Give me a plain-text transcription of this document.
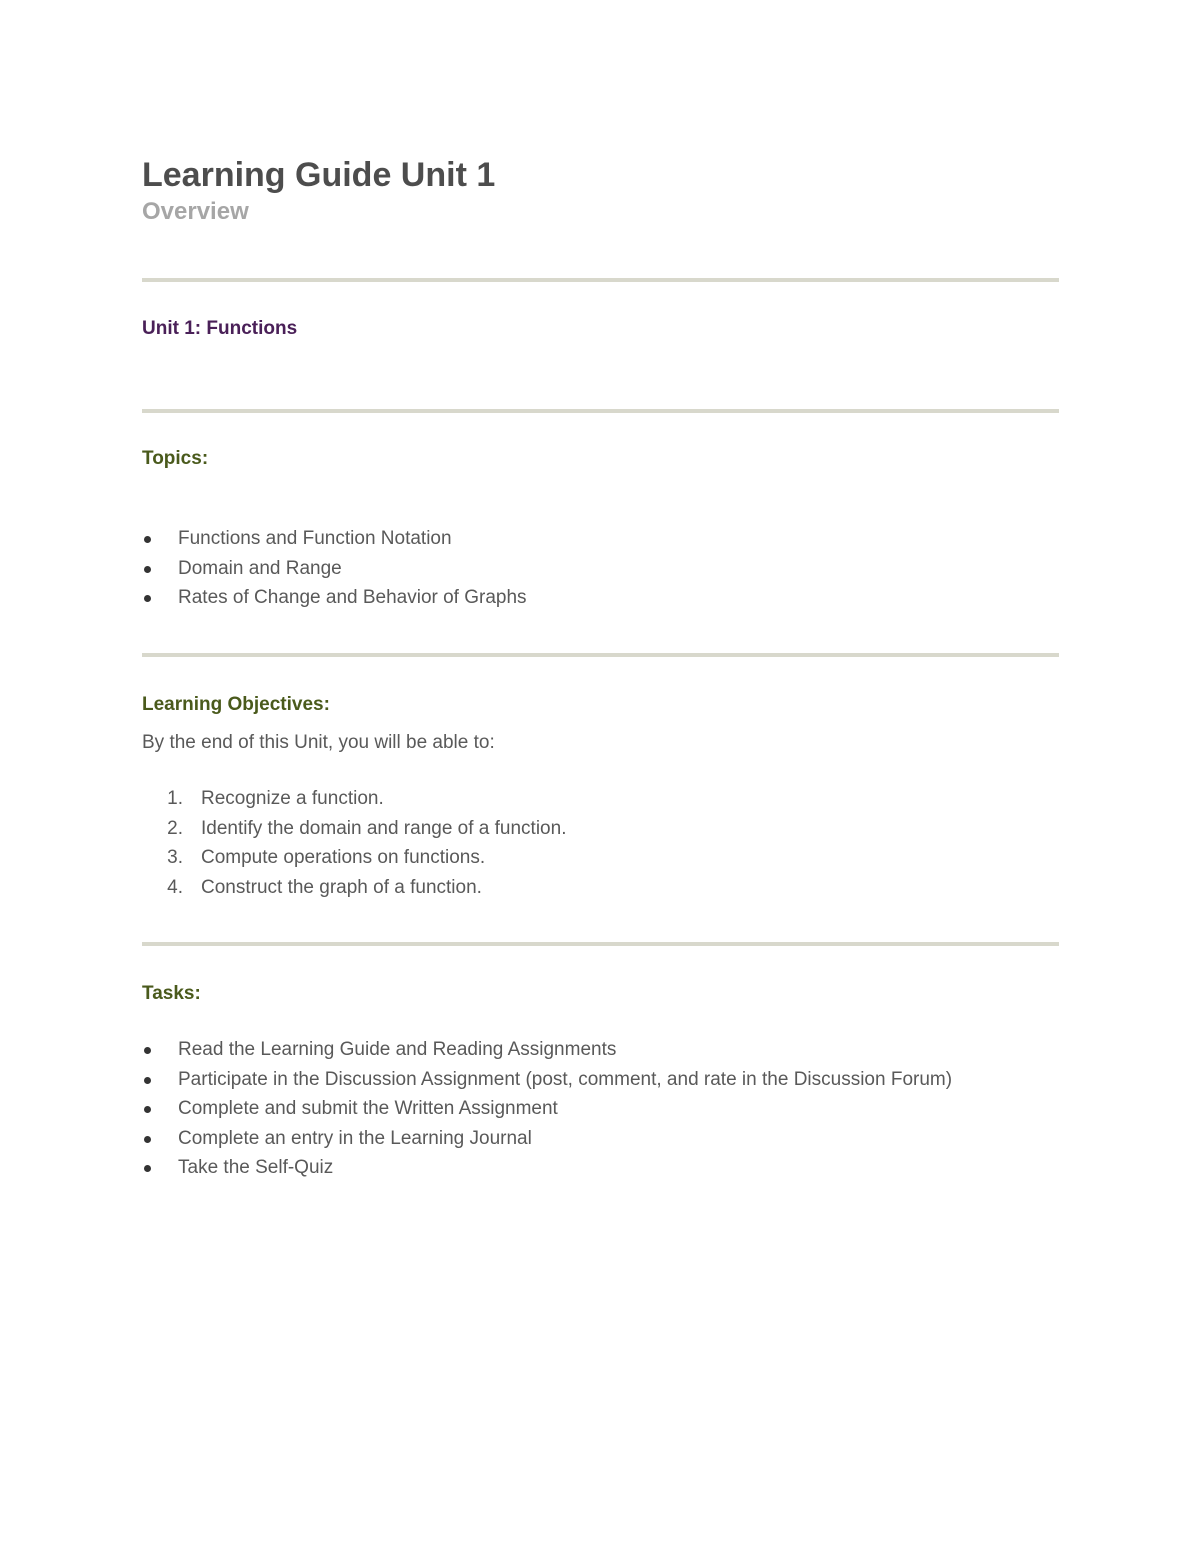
Learning Guide Unit 1
Overview
Unit 1: Functions
Topics:
Functions and Function Notation
Domain and Range
Rates of Change and Behavior of Graphs
Learning Objectives:

By the end of this Unit, you will be able to:

1. Recognize a function.
2. Identify the domain and range of a function.
3. Compute operations on functions.
4. Construct the graph of a function.
Tasks:
Read the Learning Guide and Reading Assignments
Participate in the Discussion Assignment (post, comment, and rate in the Discussion Forum)
Complete and submit the Written Assignment
Complete an entry in the Learning Journal
Take the Self-Quiz
